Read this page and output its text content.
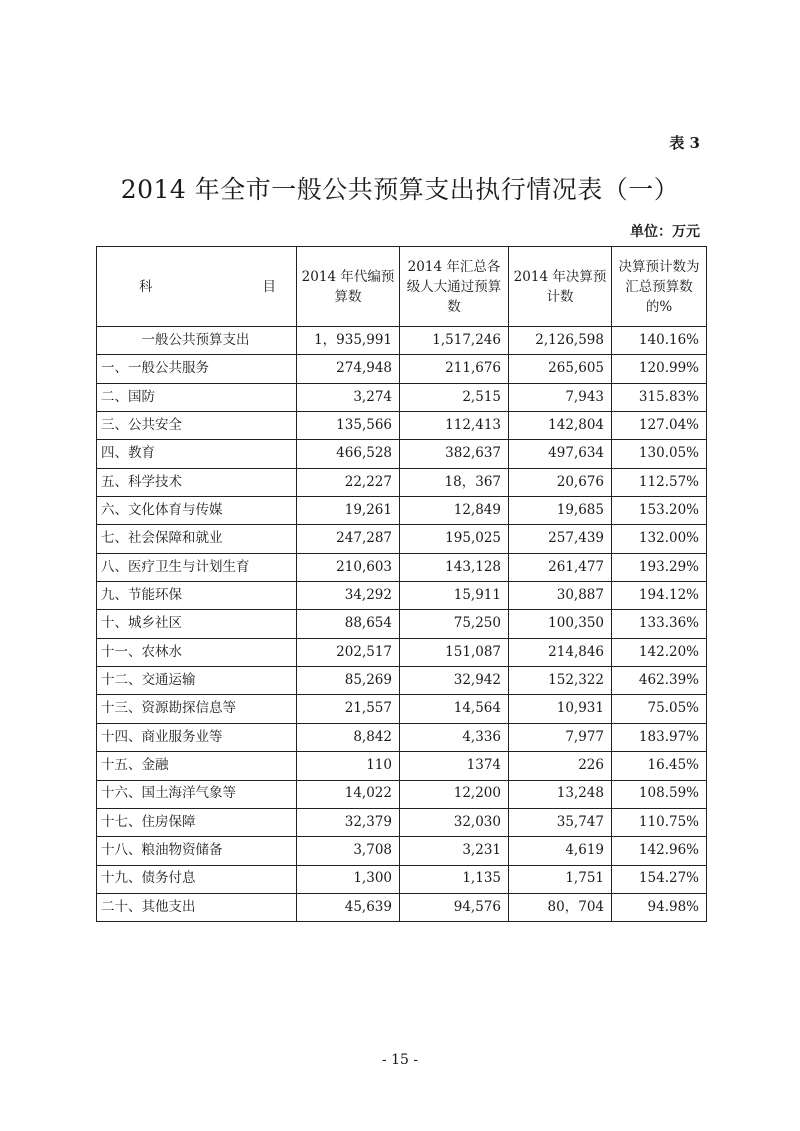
表 3
2014 年全市一般公共预算支出执行情况表（一）
单位：万元
科 目	2014 年代编预算数	2014 年汇总各级人大通过预算数	2014 年决算预计数	决算预计数为汇总预算数的%
一般公共预算支出	1，935,991	1,517,246	2,126,598	140.16%
一、一般公共服务	274,948	211,676	265,605	120.99%
二、国防	3,274	2,515	7,943	315.83%
三、公共安全	135,566	112,413	142,804	127.04%
四、教育	466,528	382,637	497,634	130.05%
五、科学技术	22,227	18，367	20,676	112.57%
六、文化体育与传媒	19,261	12,849	19,685	153.20%
七、社会保障和就业	247,287	195,025	257,439	132.00%
八、医疗卫生与计划生育	210,603	143,128	261,477	193.29%
九、节能环保	34,292	15,911	30,887	194.12%
十、城乡社区	88,654	75,250	100,350	133.36%
十一、农林水	202,517	151,087	214,846	142.20%
十二、交通运输	85,269	32,942	152,322	462.39%
十三、资源勘探信息等	21,557	14,564	10,931	75.05%
十四、商业服务业等	8,842	4,336	7,977	183.97%
十五、金融	110	1374	226	16.45%
十六、国土海洋气象等	14,022	12,200	13,248	108.59%
十七、住房保障	32,379	32,030	35,747	110.75%
十八、粮油物资储备	3,708	3,231	4,619	142.96%
十九、债务付息	1,300	1,135	1,751	154.27%
二十、其他支出	45,639	94,576	80，704	94.98%
- 15 -
